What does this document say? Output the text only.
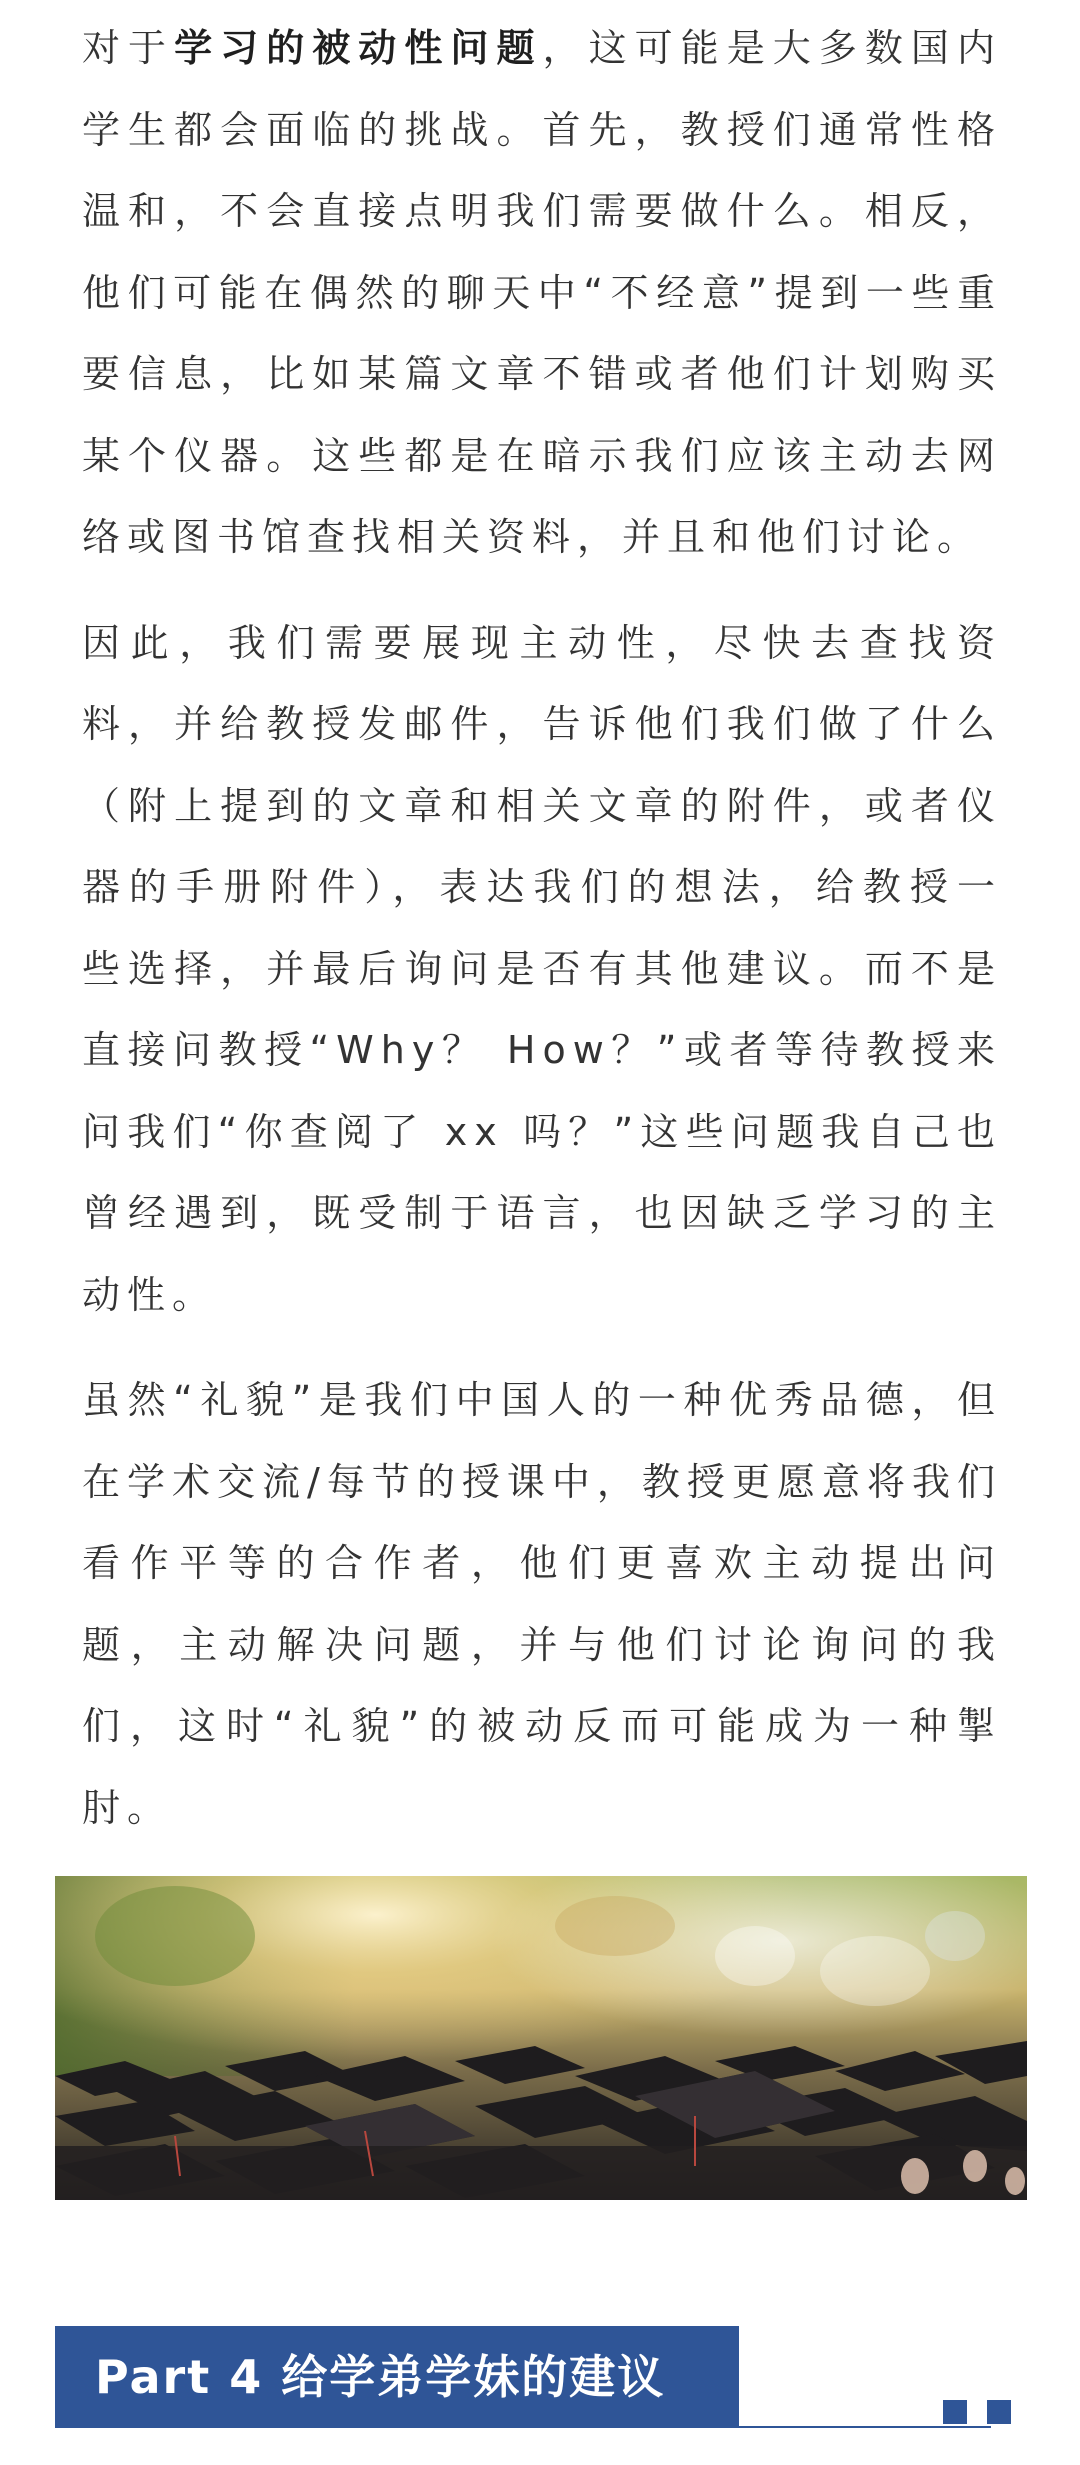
对于学习的被动性问题，这可能是大多数国内学生都会面临的挑战。首先，教授们通常性格温和，不会直接点明我们需要做什么。相反，他们可能在偶然的聊天中“不经意”提到一些重要信息，比如某篇文章不错或者他们计划购买某个仪器。这些都是在暗示我们应该主动去网络或图书馆查找相关资料，并且和他们讨论。

因此，我们需要展现主动性，尽快去查找资料，并给教授发邮件，告诉他们我们做了什么（附上提到的文章和相关文章的附件，或者仪器的手册附件），表达我们的想法，给教授一些选择，并最后询问是否有其他建议。而不是直接问教授“Why？ How？”或者等待教授来问我们“你查阅了 xx 吗？”这些问题我自己也曾经遇到，既受制于语言，也因缺乏学习的主动性。

虽然“礼貌”是我们中国人的一种优秀品德，但在学术交流/每节的授课中，教授更愿意将我们看作平等的合作者，他们更喜欢主动提出问题，主动解决问题，并与他们讨论询问的我们，这时“礼貌”的被动反而可能成为一种掣肘。

Part 4 给学弟学妹的建议
